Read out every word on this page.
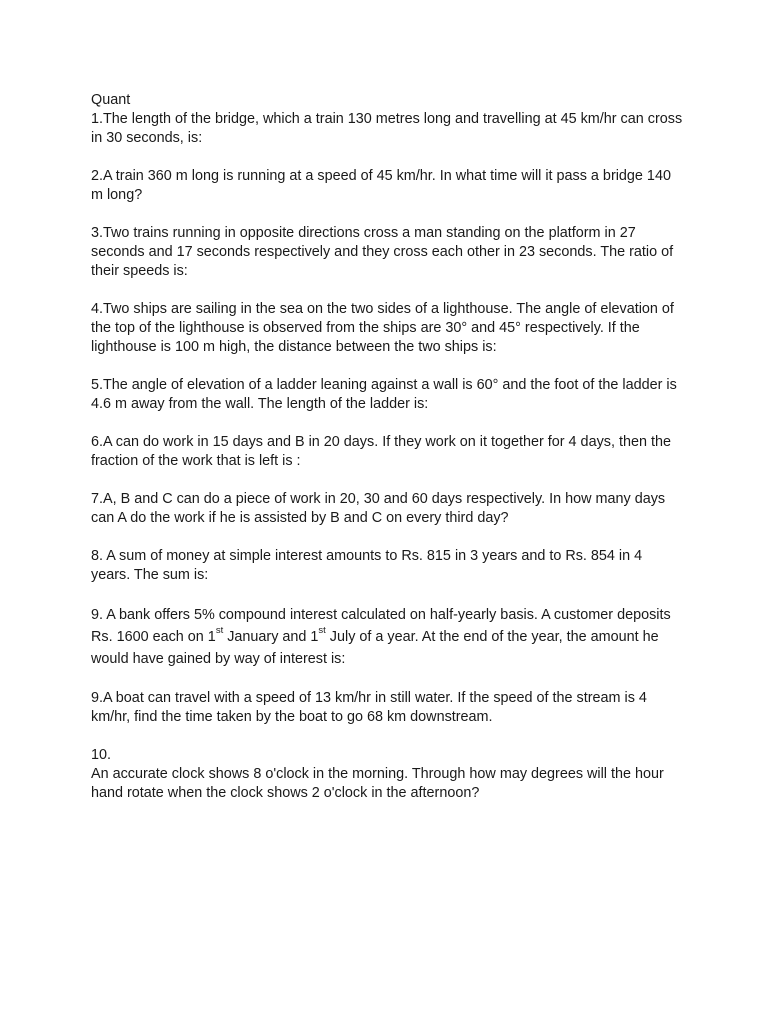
Quant

1.The length of the bridge, which a train 130 metres long and travelling at 45 km/hr can cross in 30 seconds, is:

2.A train 360 m long is running at a speed of 45 km/hr. In what time will it pass a bridge 140 m long?

3.Two trains running in opposite directions cross a man standing on the platform in 27 seconds and 17 seconds respectively and they cross each other in 23 seconds. The ratio of their speeds is:

4.Two ships are sailing in the sea on the two sides of a lighthouse. The angle of elevation of the top of the lighthouse is observed from the ships are 30° and 45° respectively. If the lighthouse is 100 m high, the distance between the two ships is:

5.The angle of elevation of a ladder leaning against a wall is 60° and the foot of the ladder is 4.6 m away from the wall. The length of the ladder is:

6.A can do work in 15 days and B in 20 days. If they work on it together for 4 days, then the fraction of the work that is left is :

7.A, B and C can do a piece of work in 20, 30 and 60 days respectively. In how many days can A do the work if he is assisted by B and C on every third day?

8. A sum of money at simple interest amounts to Rs. 815 in 3 years and to Rs. 854 in 4 years. The sum is:

9. A bank offers 5% compound interest calculated on half-yearly basis. A customer deposits Rs. 1600 each on 1st January and 1st July of a year. At the end of the year, the amount he would have gained by way of interest is:

9.A boat can travel with a speed of 13 km/hr in still water. If the speed of the stream is 4 km/hr, find the time taken by the boat to go 68 km downstream.

10.

An accurate clock shows 8 o'clock in the morning. Through how may degrees will the hour hand rotate when the clock shows 2 o'clock in the afternoon?
